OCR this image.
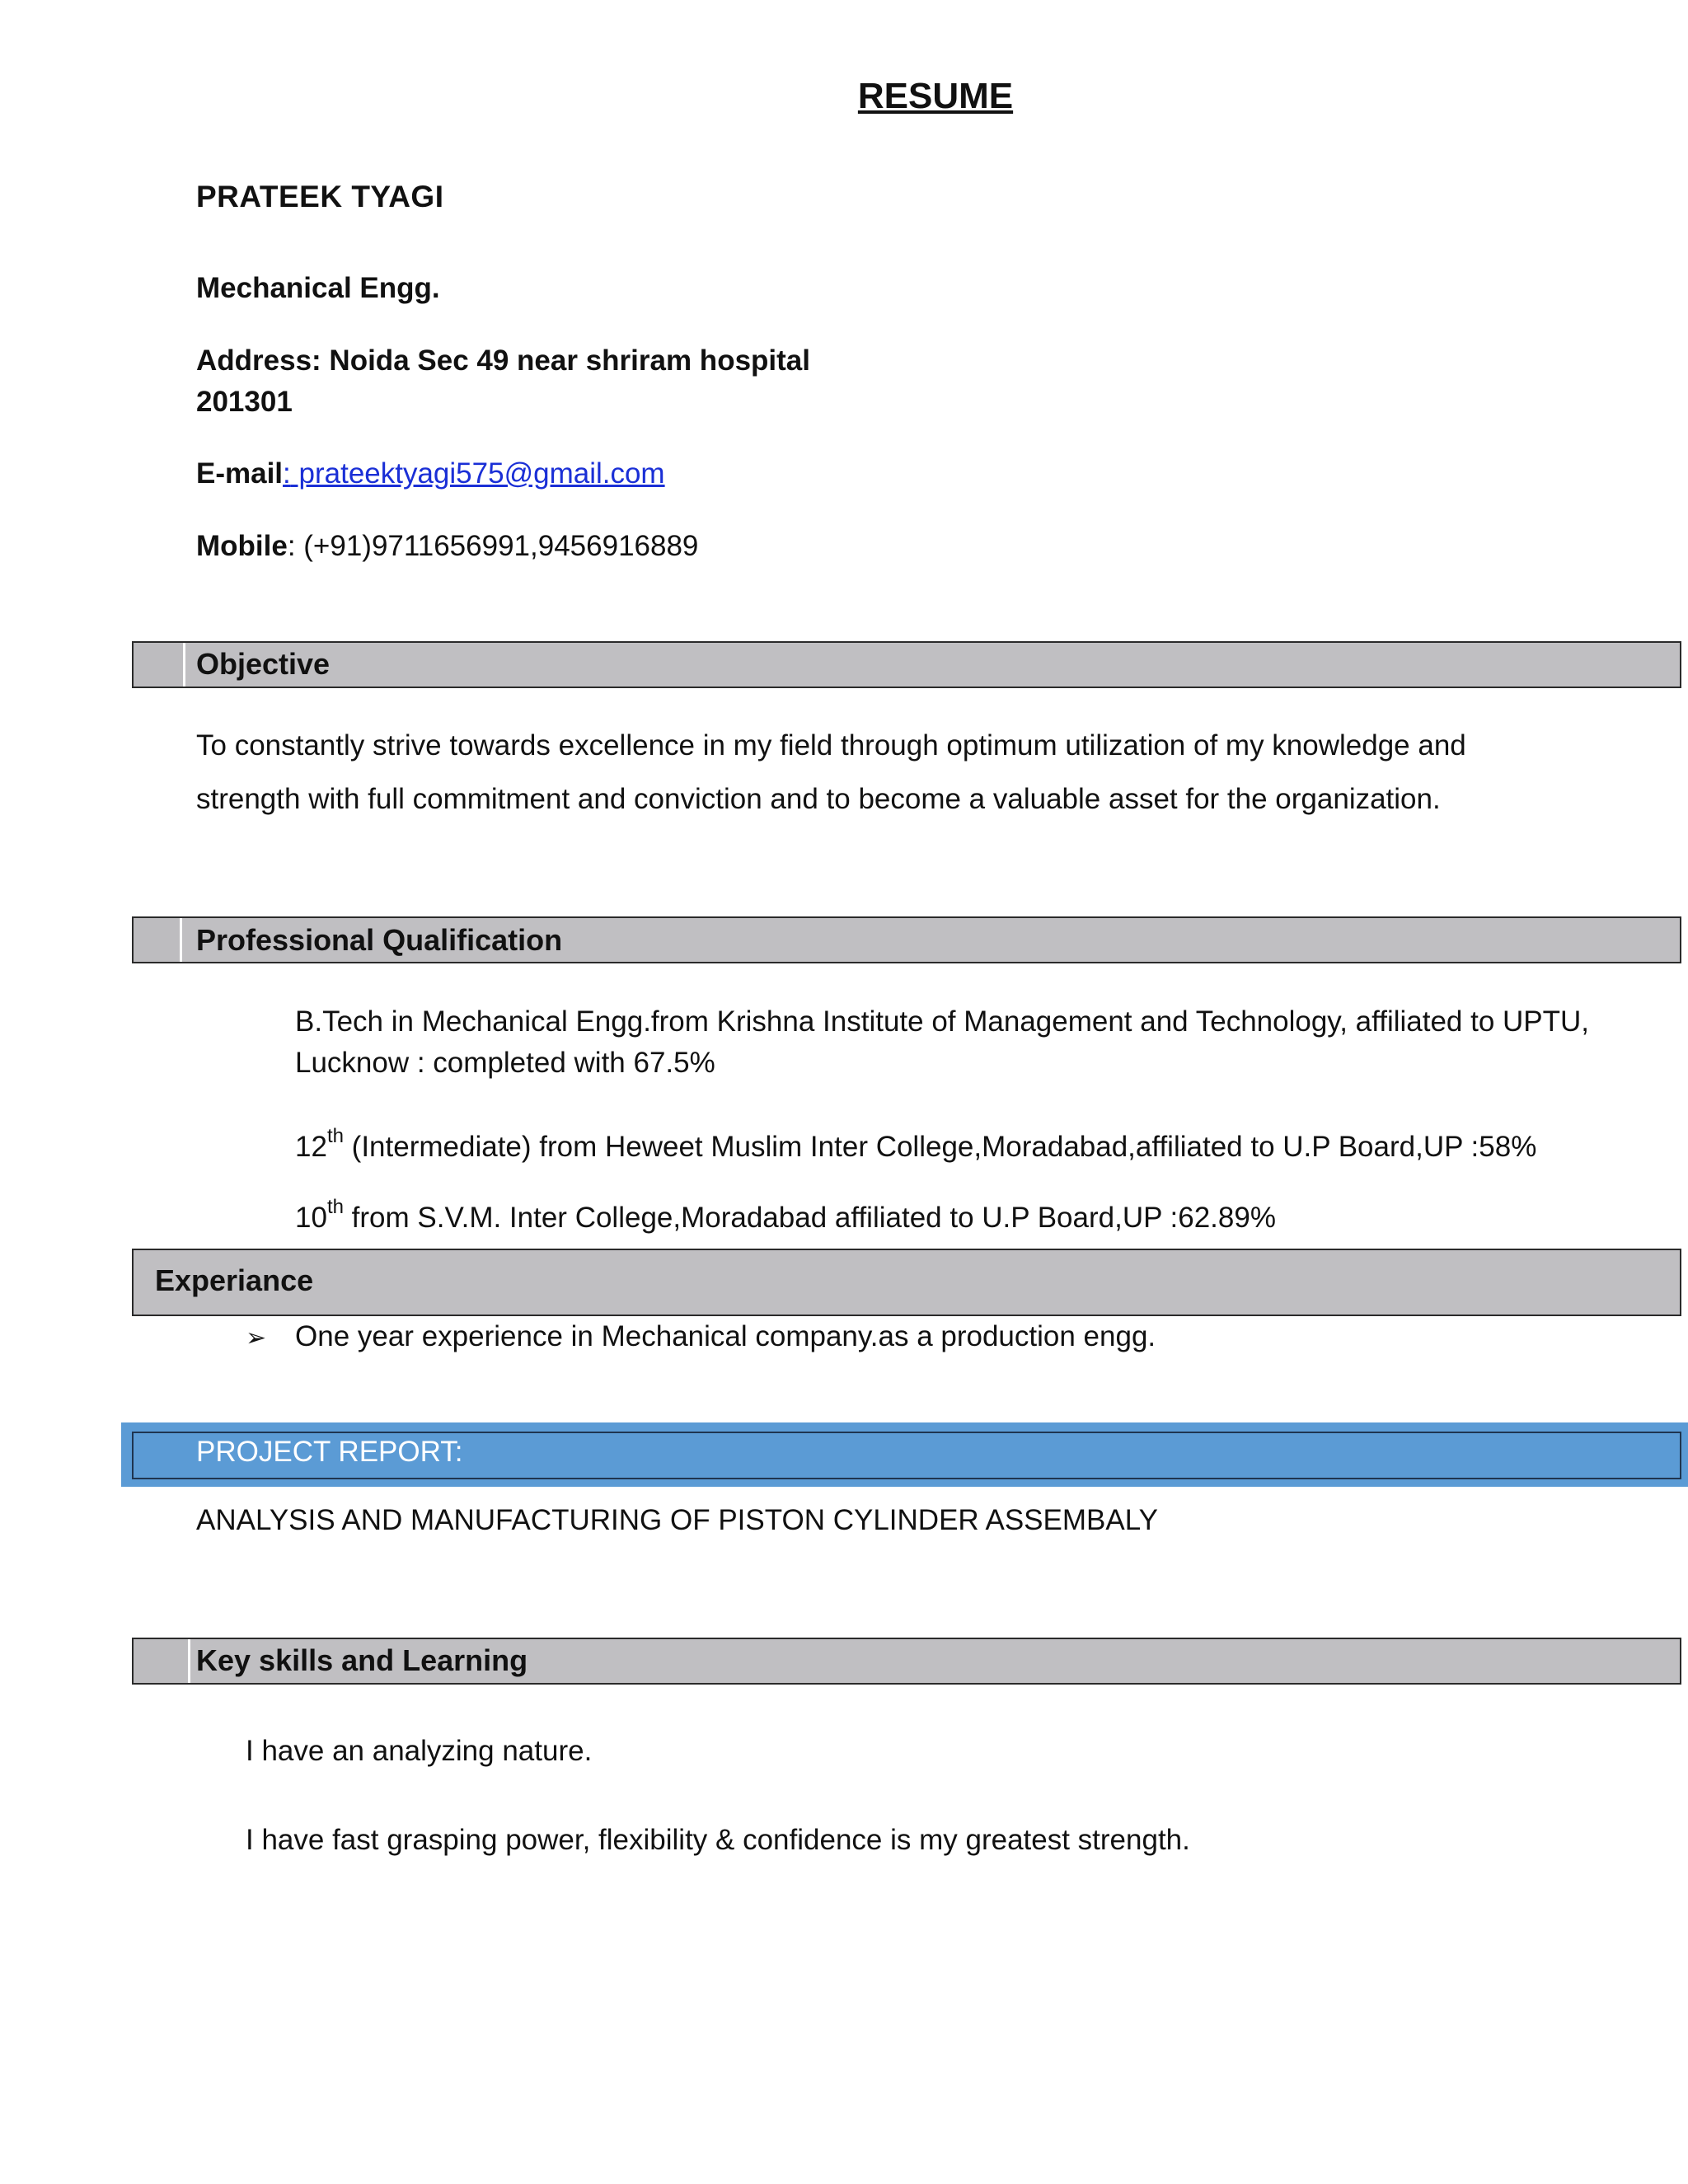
RESUME
PRATEEK TYAGI
Mechanical Engg.
Address: Noida Sec 49 near shriram hospital
201301
E-mail: prateektyagi575@gmail.com
Mobile: (+91)9711656991,9456916889
Objective
To constantly strive towards excellence in my field through optimum utilization of my knowledge and
strength with full commitment and conviction and to become a valuable asset for the organization.
Professional Qualification
B.Tech in Mechanical Engg.from Krishna Institute of Management and Technology, affiliated to UPTU,
Lucknow : completed with 67.5%
12th (Intermediate) from Heweet Muslim Inter College,Moradabad,affiliated to U.P Board,UP :58%
10th from S.V.M. Inter College,Moradabad affiliated to U.P Board,UP :62.89%
Experiance
➢ One year experience in Mechanical company.as a production engg.
PROJECT REPORT:
ANALYSIS AND MANUFACTURING OF PISTON CYLINDER ASSEMBALY
Key skills and Learning
I have an analyzing nature.
I have fast grasping power, flexibility & confidence is my greatest strength.
